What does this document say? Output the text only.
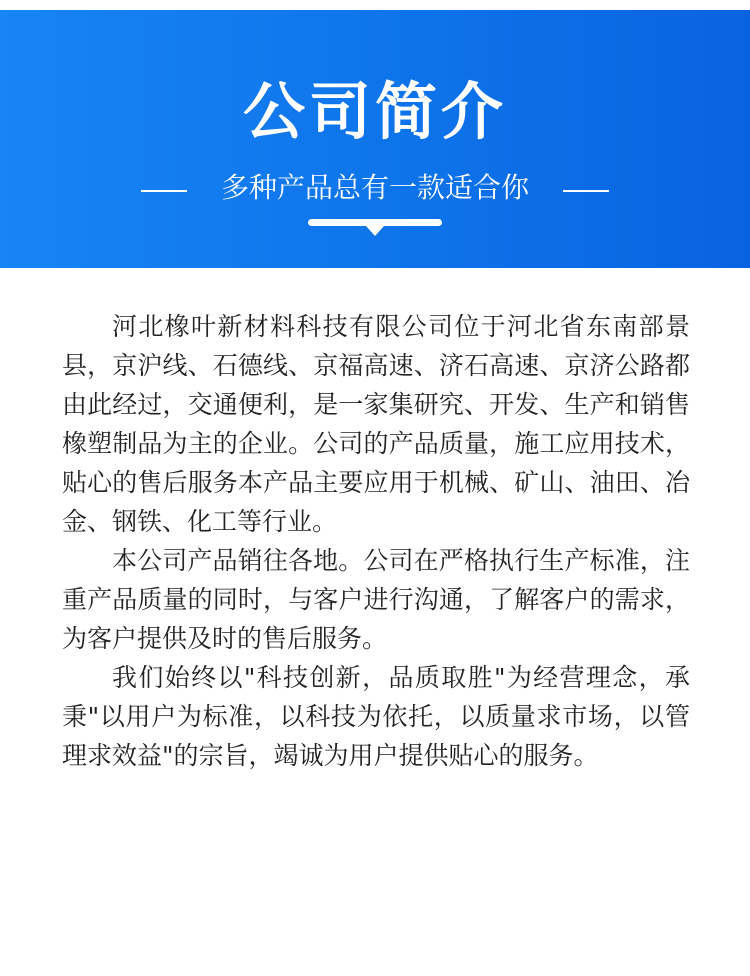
公司简介
多种产品总有一款适合你

河北橡叶新材料科技有限公司位于河北省东南部景县，京沪线、石德线、京福高速、济石高速、京济公路都由此经过，交通便利，是一家集研究、开发、生产和销售橡塑制品为主的企业。公司的产品质量，施工应用技术，贴心的售后服务本产品主要应用于机械、矿山、油田、冶金、钢铁、化工等行业。

本公司产品销往各地。公司在严格执行生产标准，注重产品质量的同时，与客户进行沟通，了解客户的需求，为客户提供及时的售后服务。

我们始终以"科技创新，品质取胜"为经营理念，承秉"以用户为标准，以科技为依托，以质量求市场，以管理求效益"的宗旨，竭诚为用户提供贴心的服务。
